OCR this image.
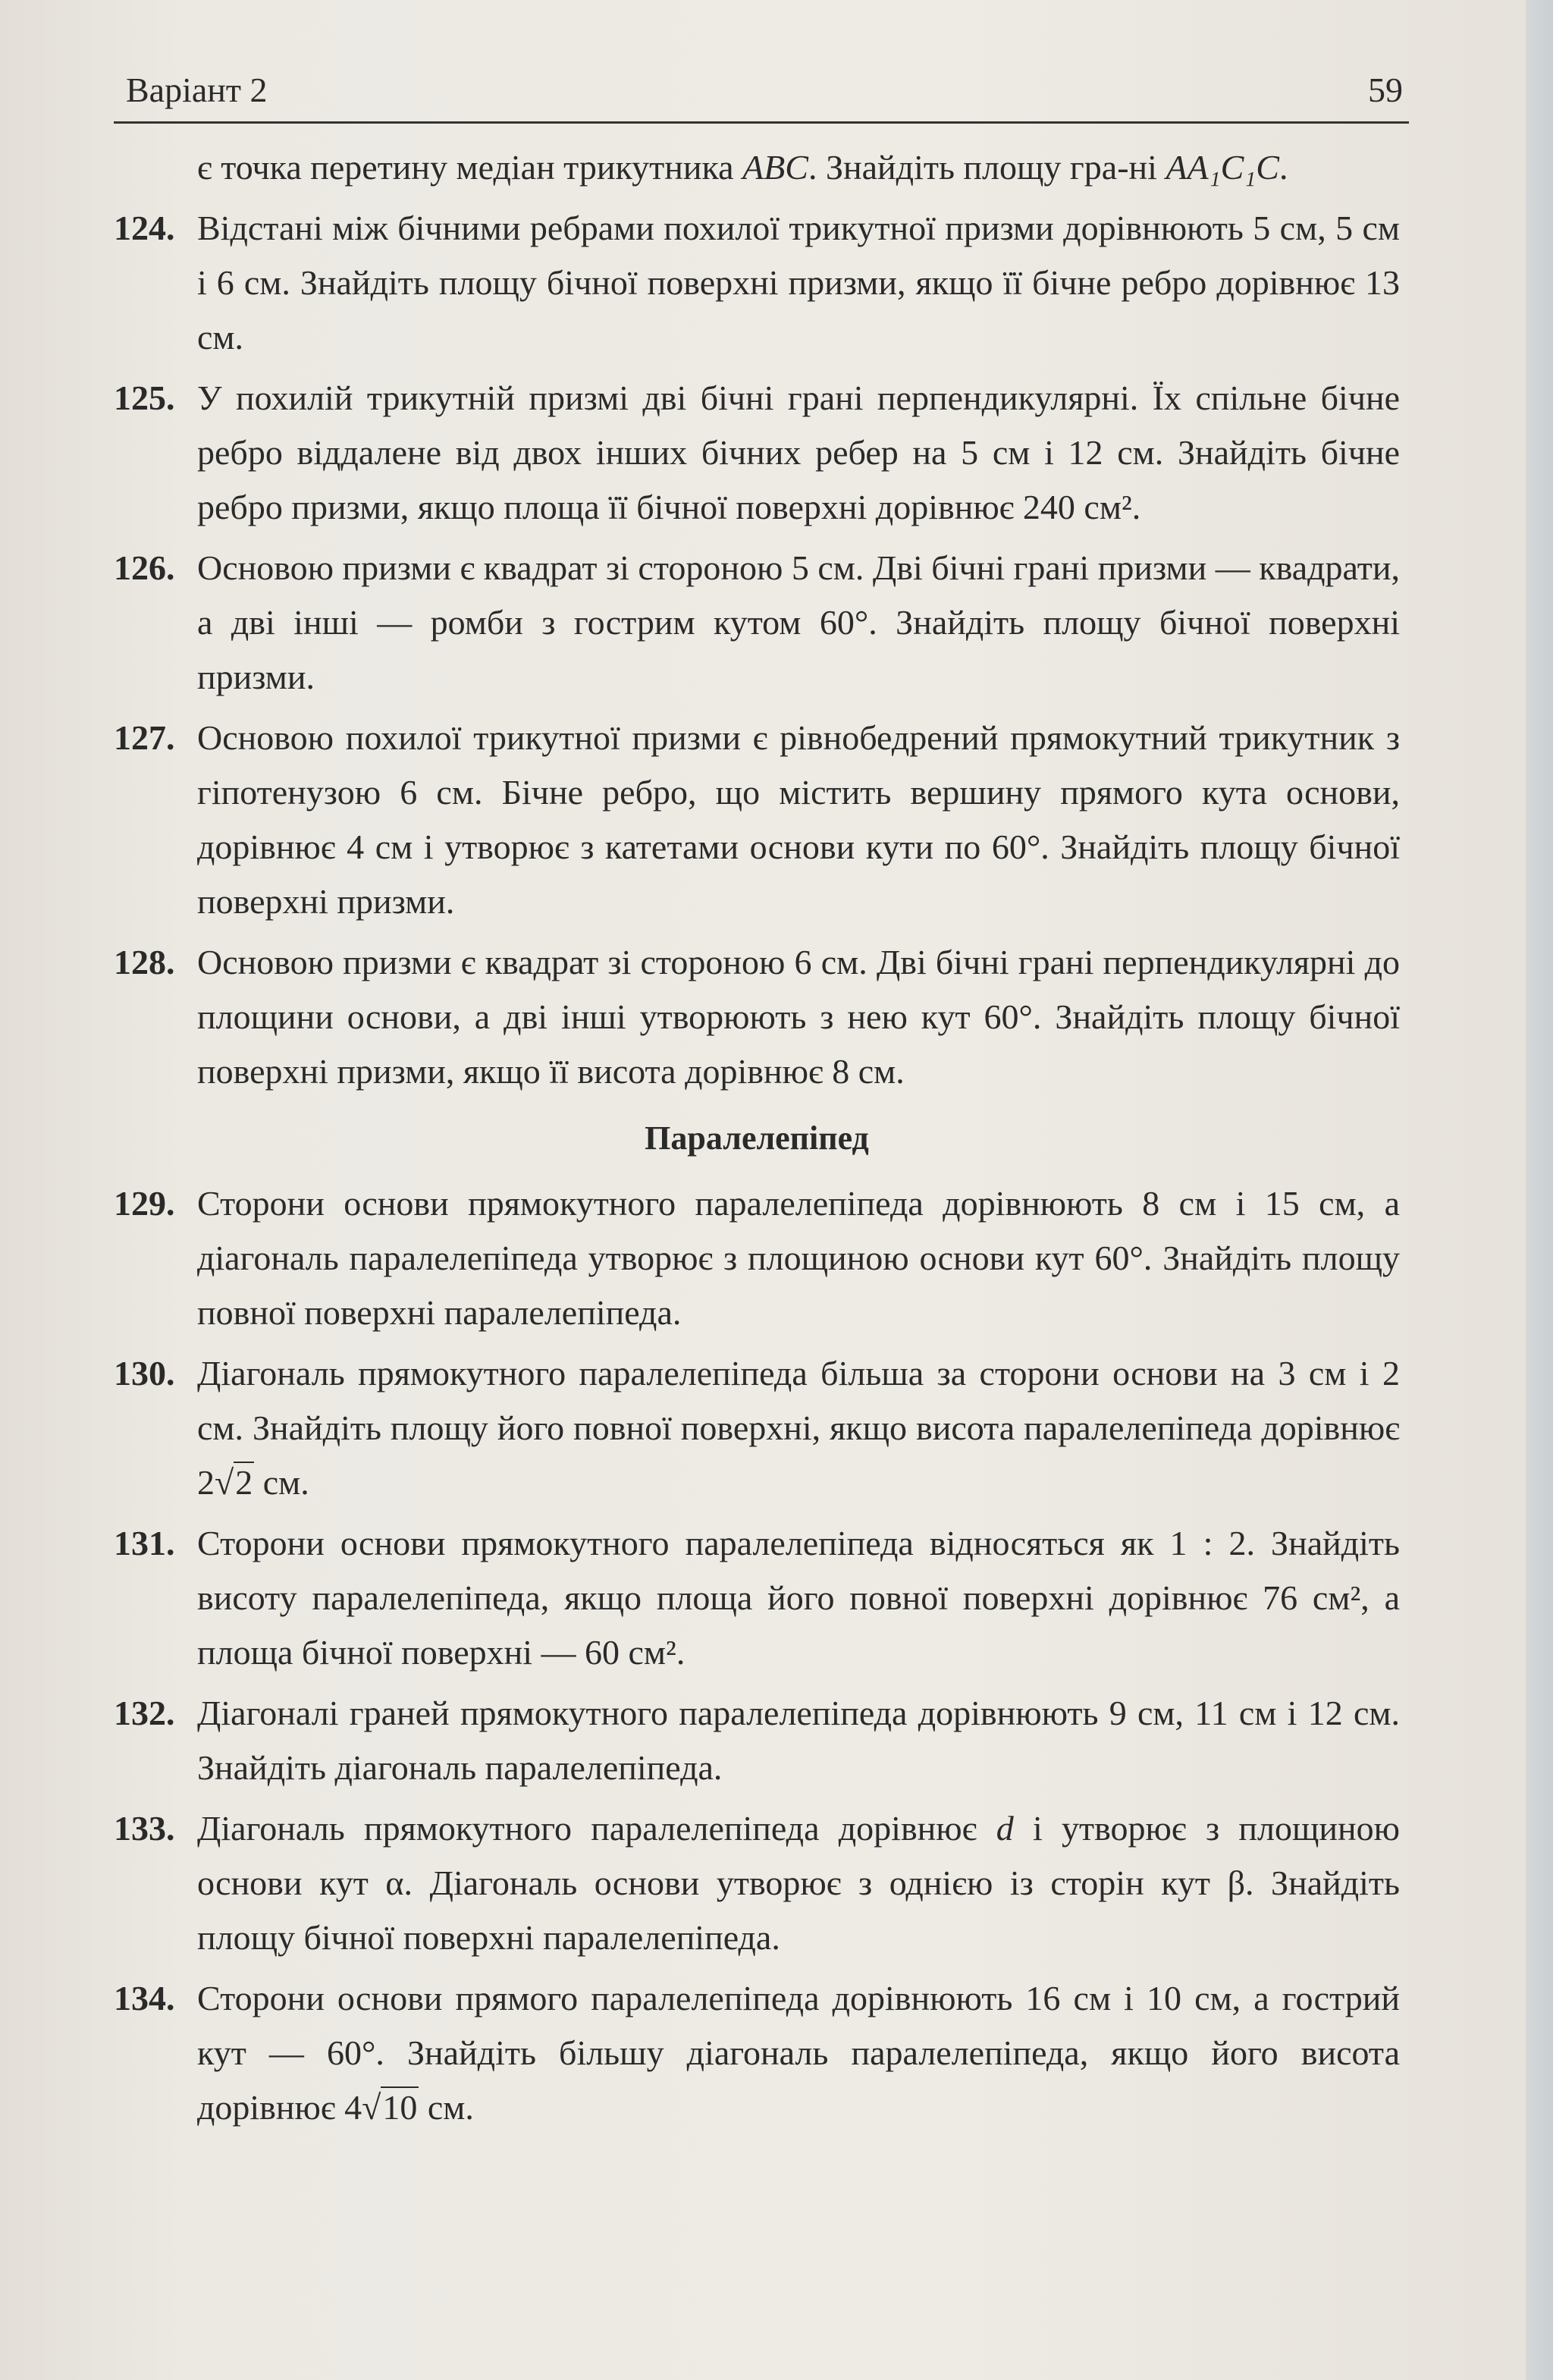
Варіант 2	59

є точка перетину медіан трикутника ABC. Знайдіть площу гра-ні AA₁C₁C.

124. Відстані між бічними ребрами похилої трикутної призми дорівнюють 5 см, 5 см і 6 см. Знайдіть площу бічної поверхні призми, якщо її бічне ребро дорівнює 13 см.

125. У похилій трикутній призмі дві бічні грані перпендикулярні. Їх спільне бічне ребро віддалене від двох інших бічних ребер на 5 см і 12 см. Знайдіть бічне ребро призми, якщо площа її бічної поверхні дорівнює 240 см².

126. Основою призми є квадрат зі стороною 5 см. Дві бічні грані призми — квадрати, а дві інші — ромби з гострим кутом 60°. Знайдіть площу бічної поверхні призми.

127. Основою похилої трикутної призми є рівнобедрений прямокутний трикутник з гіпотенузою 6 см. Бічне ребро, що містить вершину прямого кута основи, дорівнює 4 см і утворює з катетами основи кути по 60°. Знайдіть площу бічної поверхні призми.

128. Основою призми є квадрат зі стороною 6 см. Дві бічні грані перпендикулярні до площини основи, а дві інші утворюють з нею кут 60°. Знайдіть площу бічної поверхні призми, якщо її висота дорівнює 8 см.

Паралелепіпед

129. Сторони основи прямокутного паралелепіпеда дорівнюють 8 см і 15 см, а діагональ паралелепіпеда утворює з площиною основи кут 60°. Знайдіть площу повної поверхні паралелепіпеда.

130. Діагональ прямокутного паралелепіпеда більша за сторони основи на 3 см і 2 см. Знайдіть площу його повної поверхні, якщо висота паралелепіпеда дорівнює 2√2 см.

131. Сторони основи прямокутного паралелепіпеда відносяться як 1 : 2. Знайдіть висоту паралелепіпеда, якщо площа його повної поверхні дорівнює 76 см², а площа бічної поверхні — 60 см².

132. Діагоналі граней прямокутного паралелепіпеда дорівнюють 9 см, 11 см і 12 см. Знайдіть діагональ паралелепіпеда.

133. Діагональ прямокутного паралелепіпеда дорівнює d і утворює з площиною основи кут α. Діагональ основи утворює з однією із сторін кут β. Знайдіть площу бічної поверхні паралелепіпеда.

134. Сторони основи прямого паралелепіпеда дорівнюють 16 см і 10 см, а гострий кут — 60°. Знайдіть більшу діагональ паралелепіпеда, якщо його висота дорівнює 4√10 см.
